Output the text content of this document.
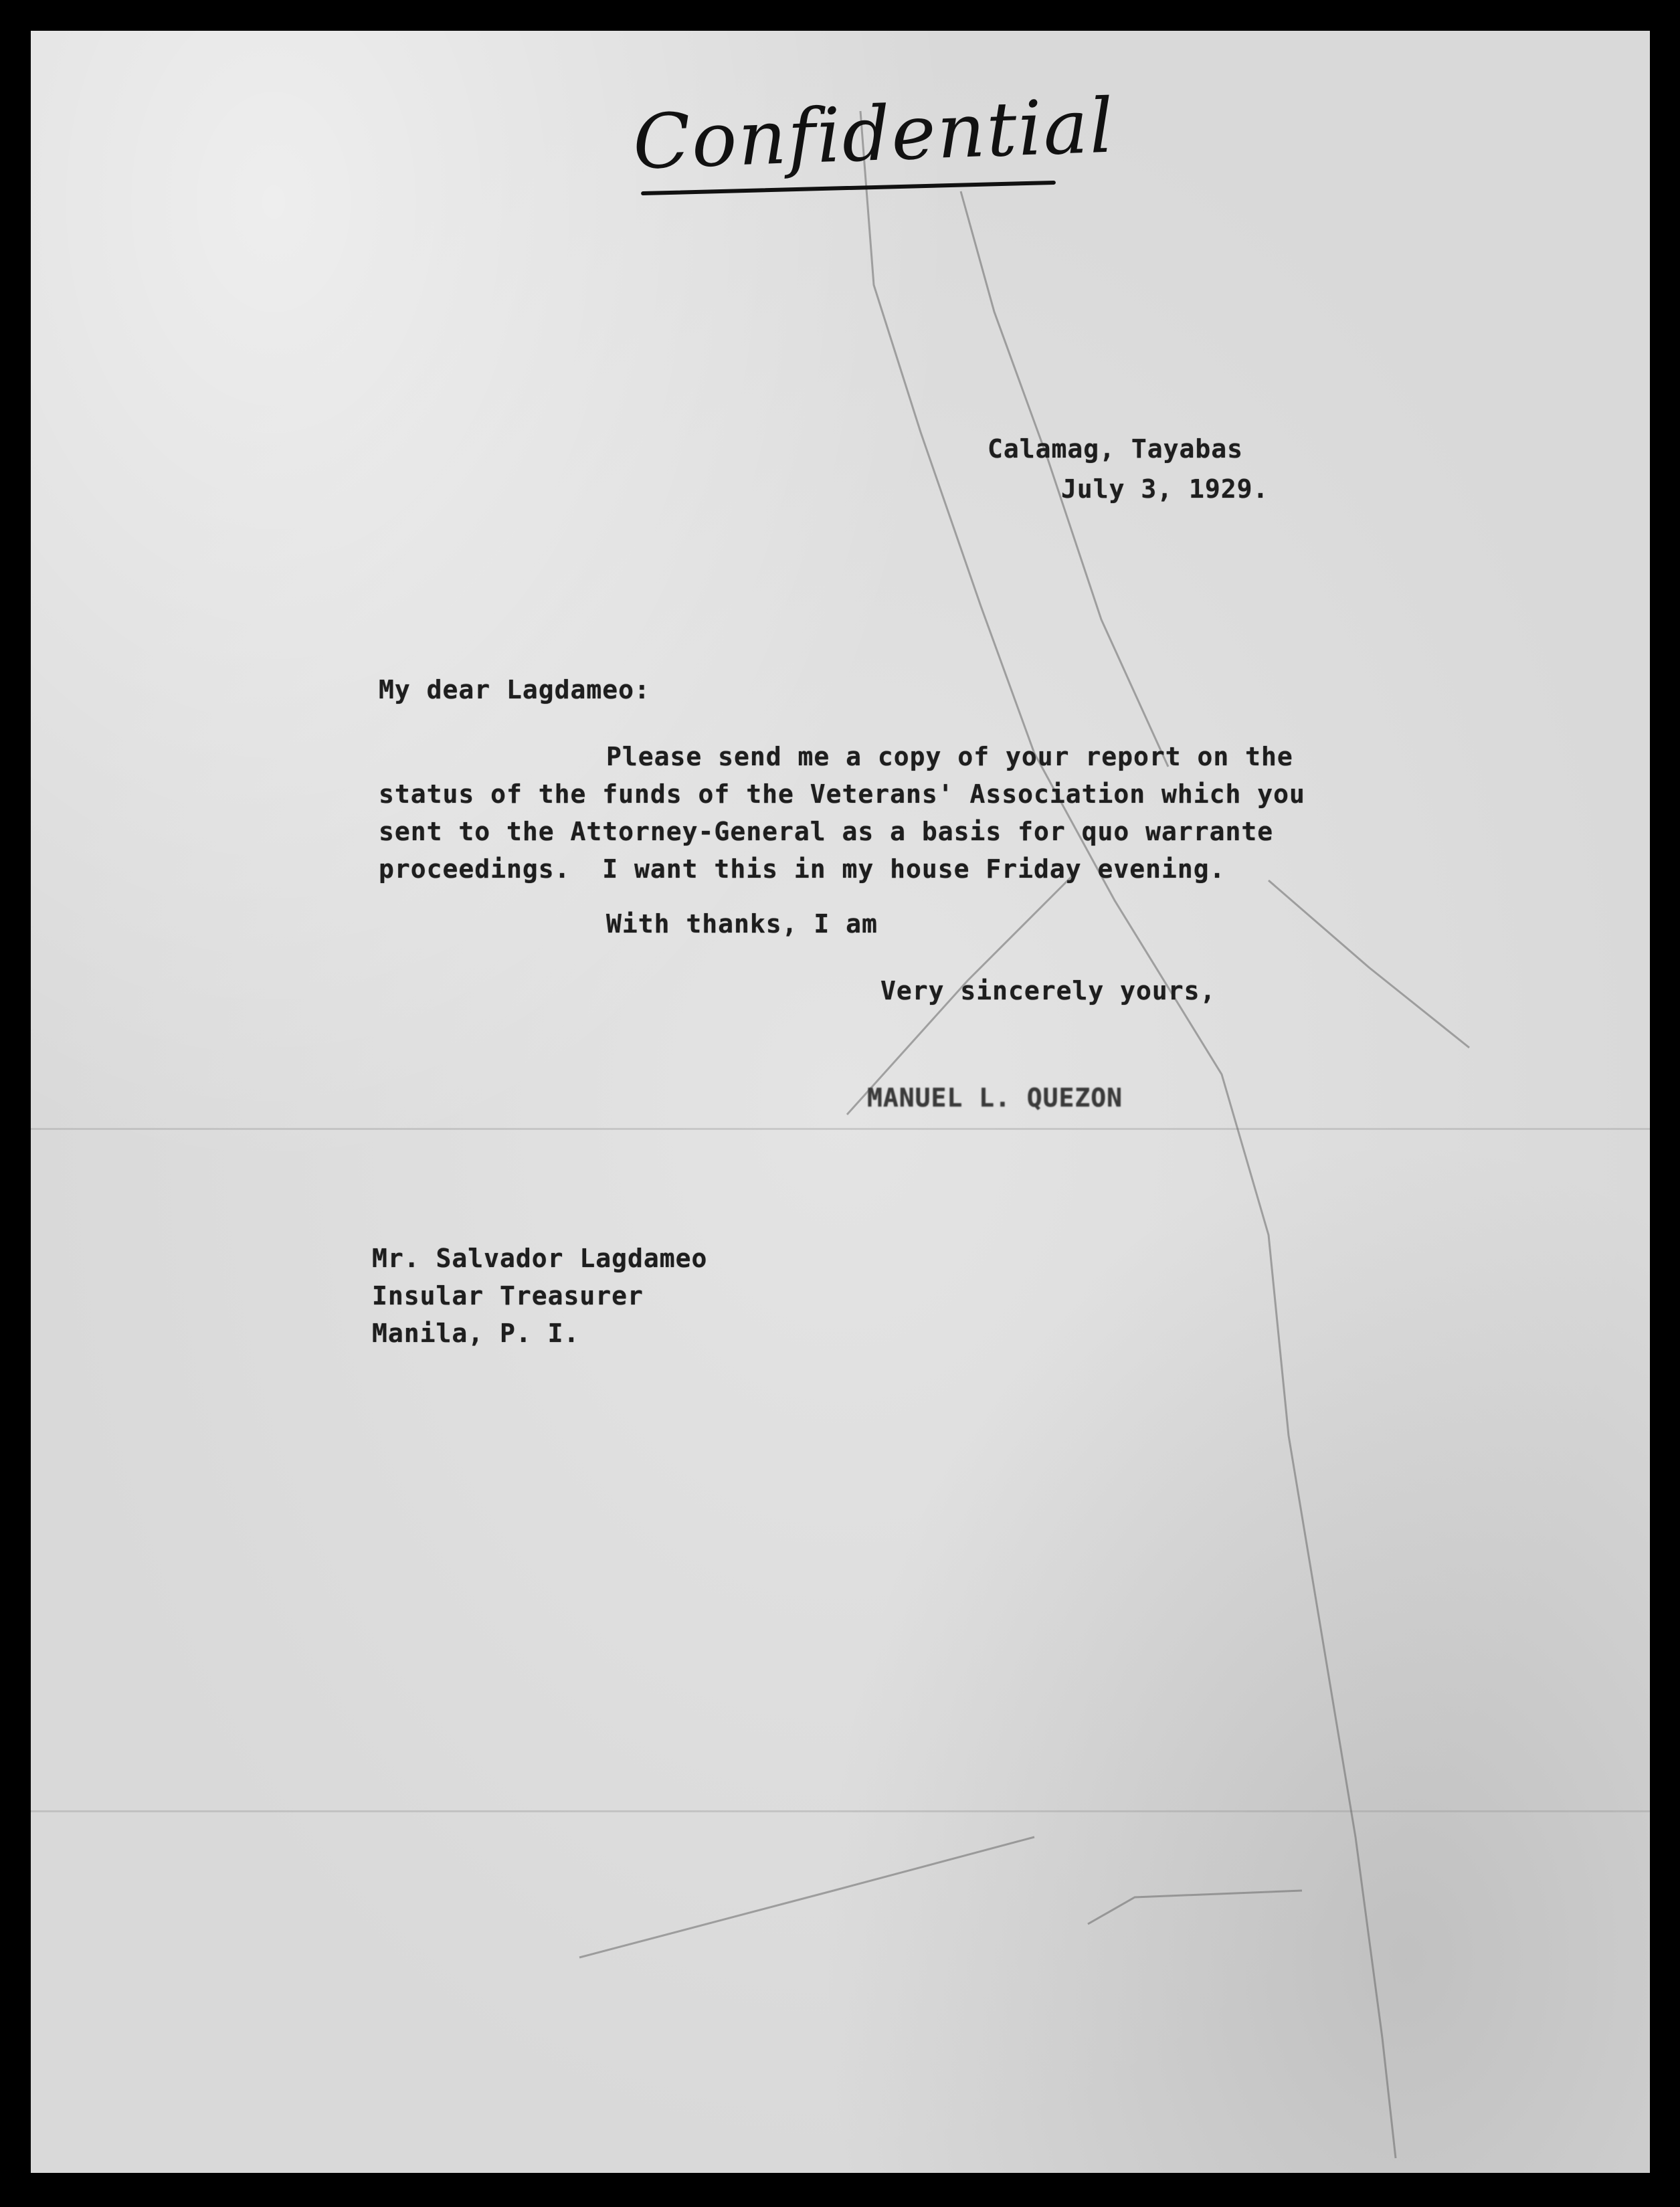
Confidential
Calamag, Tayabas
July 3, 1929.
My dear Lagdameo:
Please send me a copy of your report on the
status of the funds of the Veterans' Association which you
sent to the Attorney-General as a basis for quo warrante
proceedings.  I want this in my house Friday evening.
With thanks, I am
Very sincerely yours,
MANUEL L. QUEZON
Mr. Salvador Lagdameo
Insular Treasurer
Manila, P. I.
